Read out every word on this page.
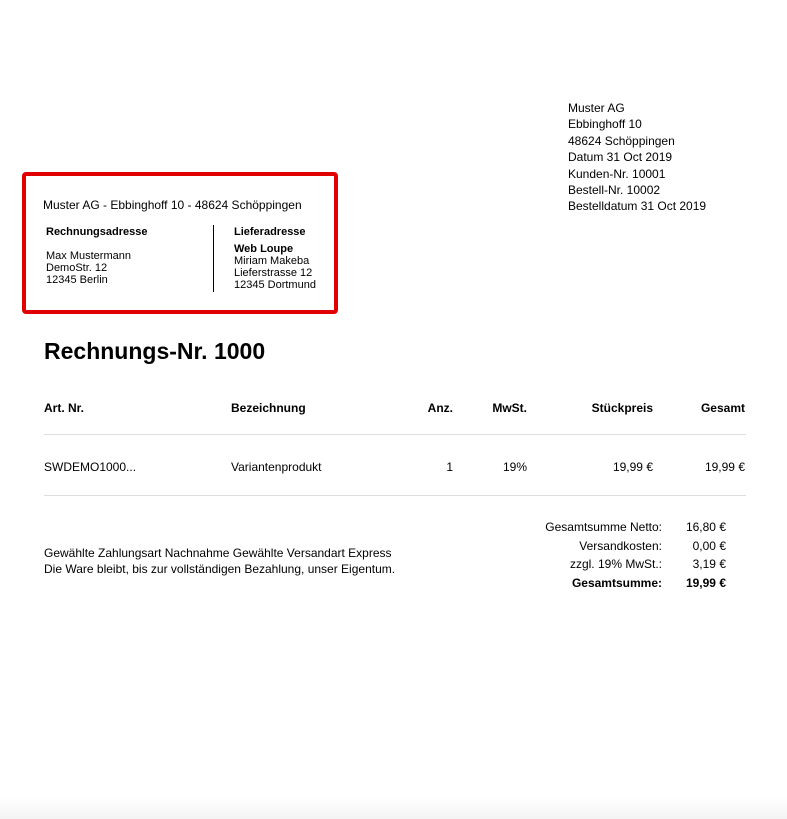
Muster AG
Ebbinghoff 10
48624 Schöppingen
Datum 31 Oct 2019
Kunden-Nr. 10001
Bestell-Nr. 10002
Bestelldatum 31 Oct 2019
Muster AG - Ebbinghoff 10 - 48624 Schöppingen
Rechnungsadresse
Max Mustermann
DemoStr. 12
12345 Berlin
Lieferadresse
Web Loupe
Miriam Makeba
Lieferstrasse 12
12345 Dortmund
Rechnungs-Nr. 1000
Art. Nr.	Bezeichnung	Anz.	MwSt.	Stückpreis	Gesamt
SWDEMO1000...	Variantenprodukt	1	19%	19,99 €	19,99 €
Gewählte Zahlungsart Nachnahme Gewählte Versandart Express
Die Ware bleibt, bis zur vollständigen Bezahlung, unser Eigentum.
Gesamtsumme Netto: 16,80 €
Versandkosten:	0,00 €
zzgl. 19% MwSt.:	3,19 €
Gesamtsumme: 19,99 €
